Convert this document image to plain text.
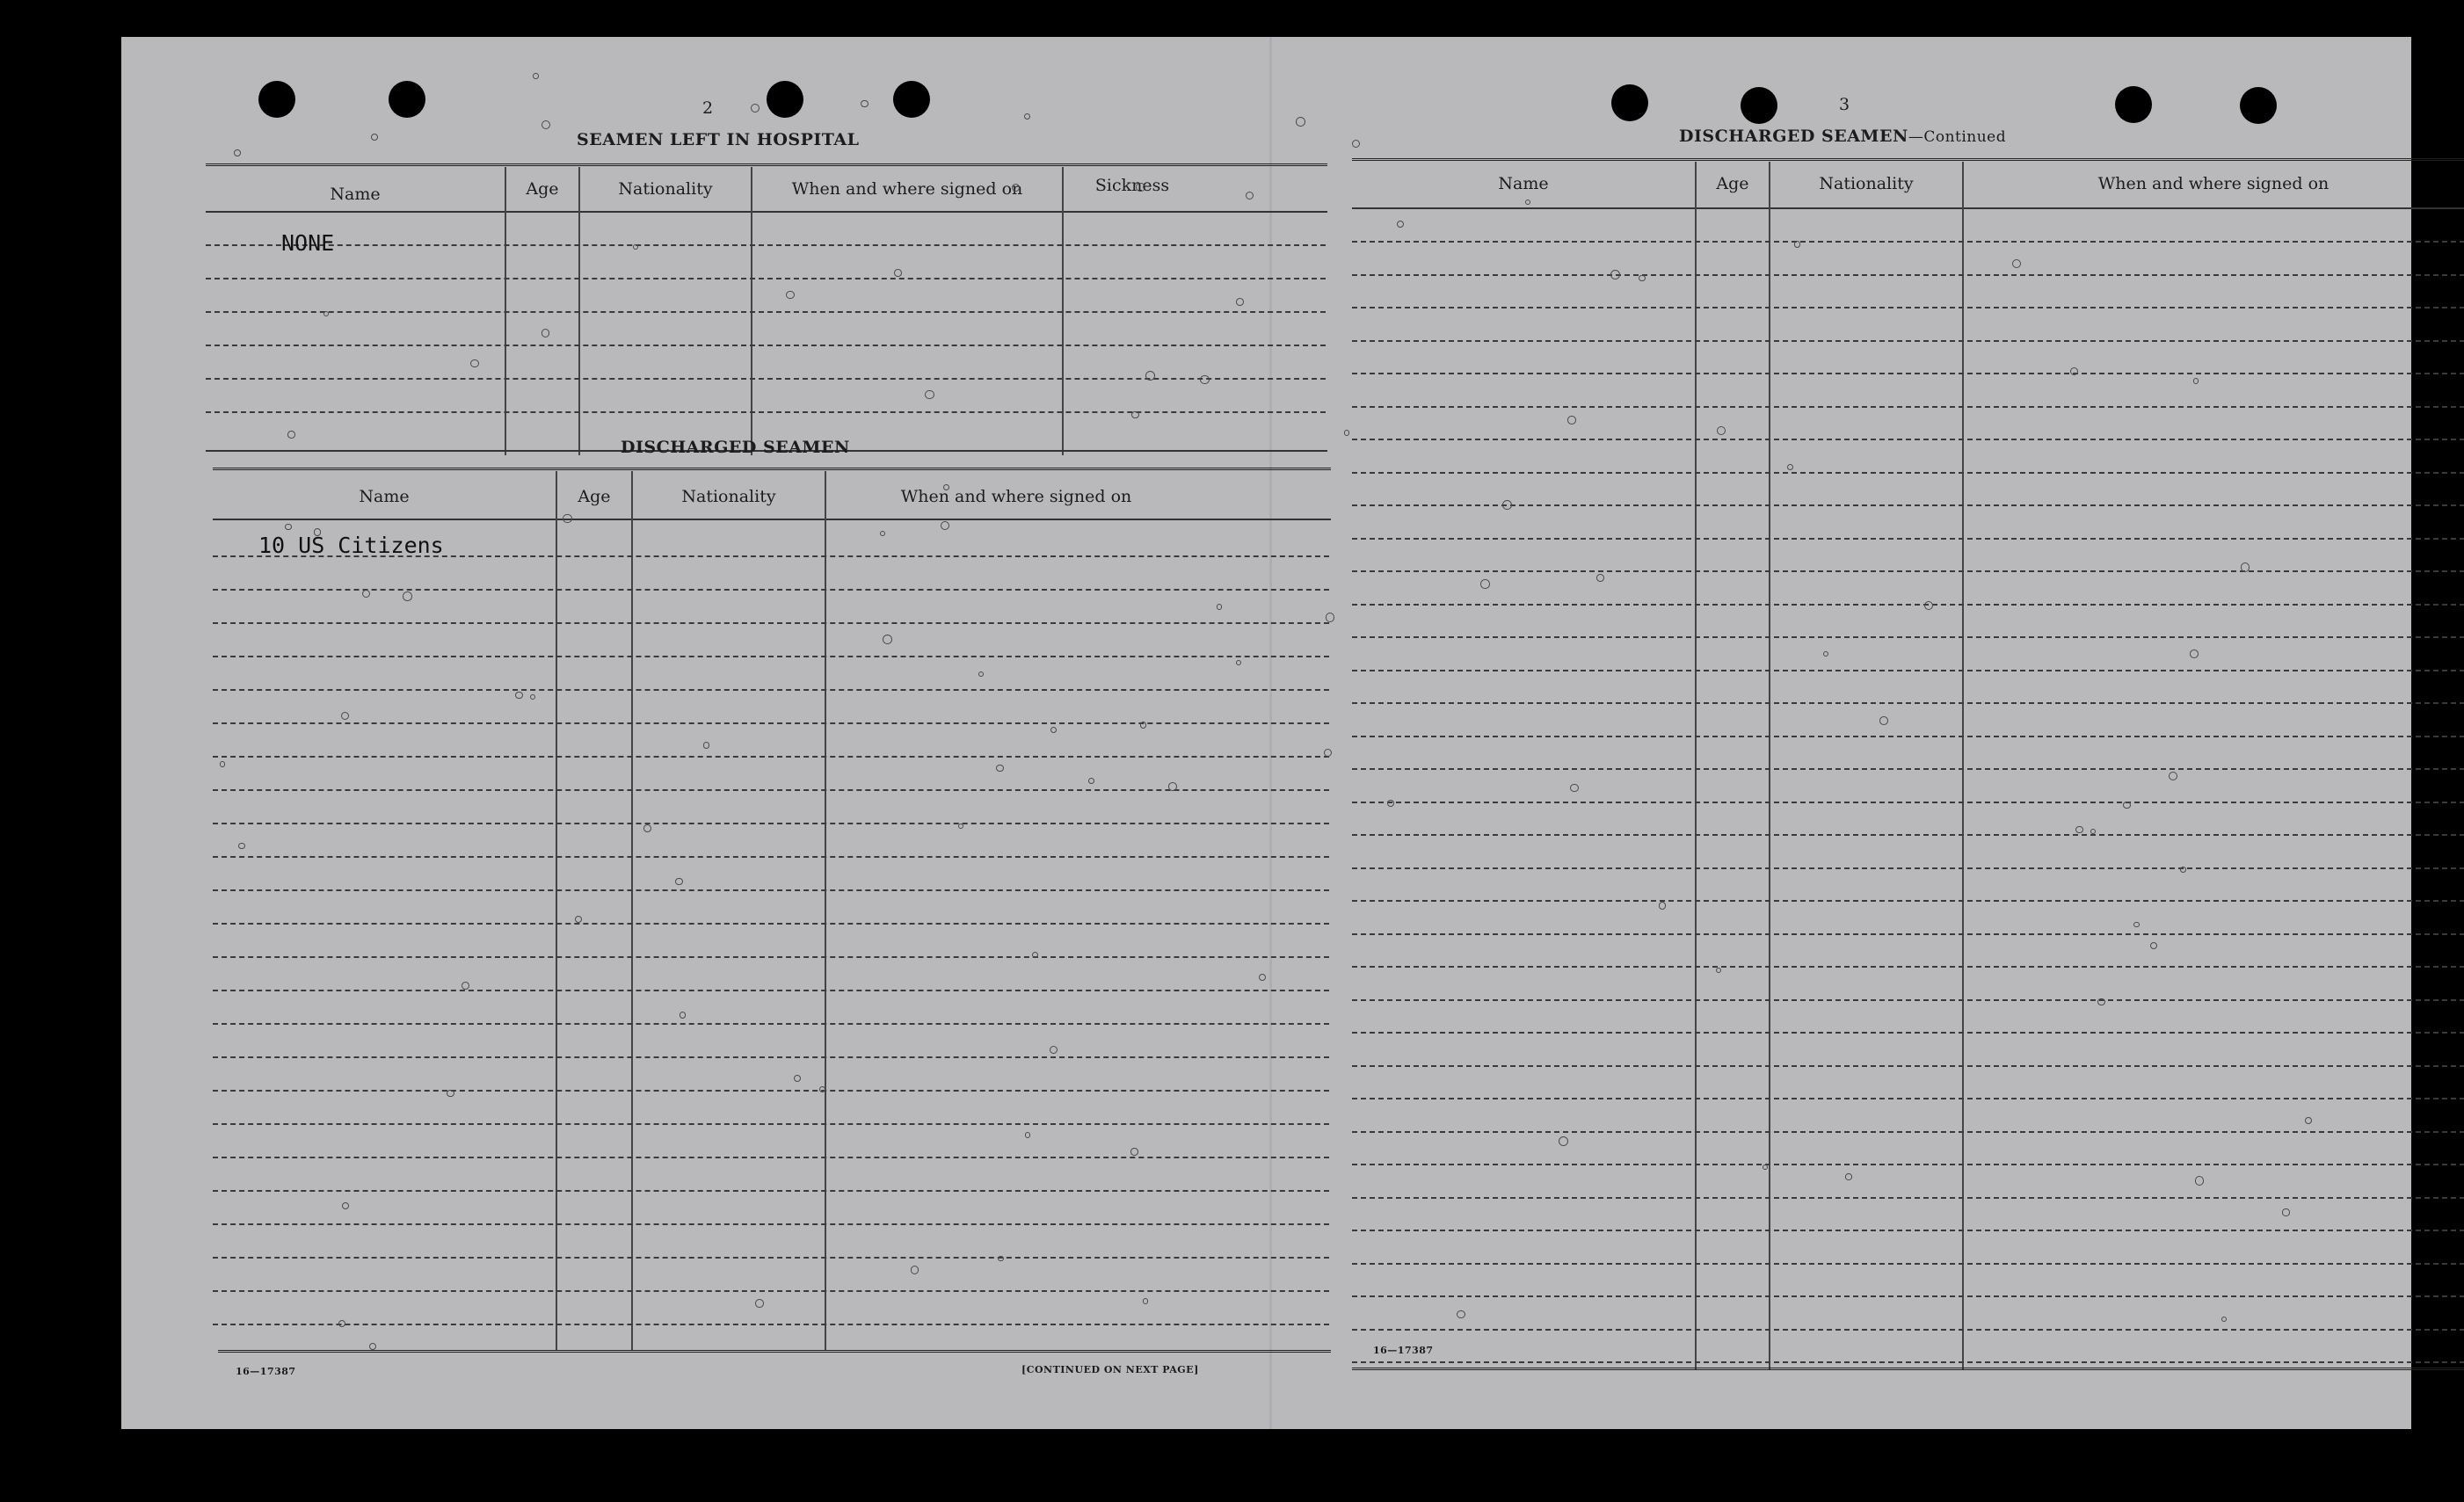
2
SEAMEN LEFT IN HOSPITAL
Name	Age	Nationality	When and where signed on	Sickness
NONE
DISCHARGED SEAMEN
Name	Age	Nationality	When and where signed on
10 US Citizens
16—17387	[CONTINUED ON NEXT PAGE]
3
DISCHARGED SEAMEN—Continued
Name	Age	Nationality	When and where signed on
16—17387
